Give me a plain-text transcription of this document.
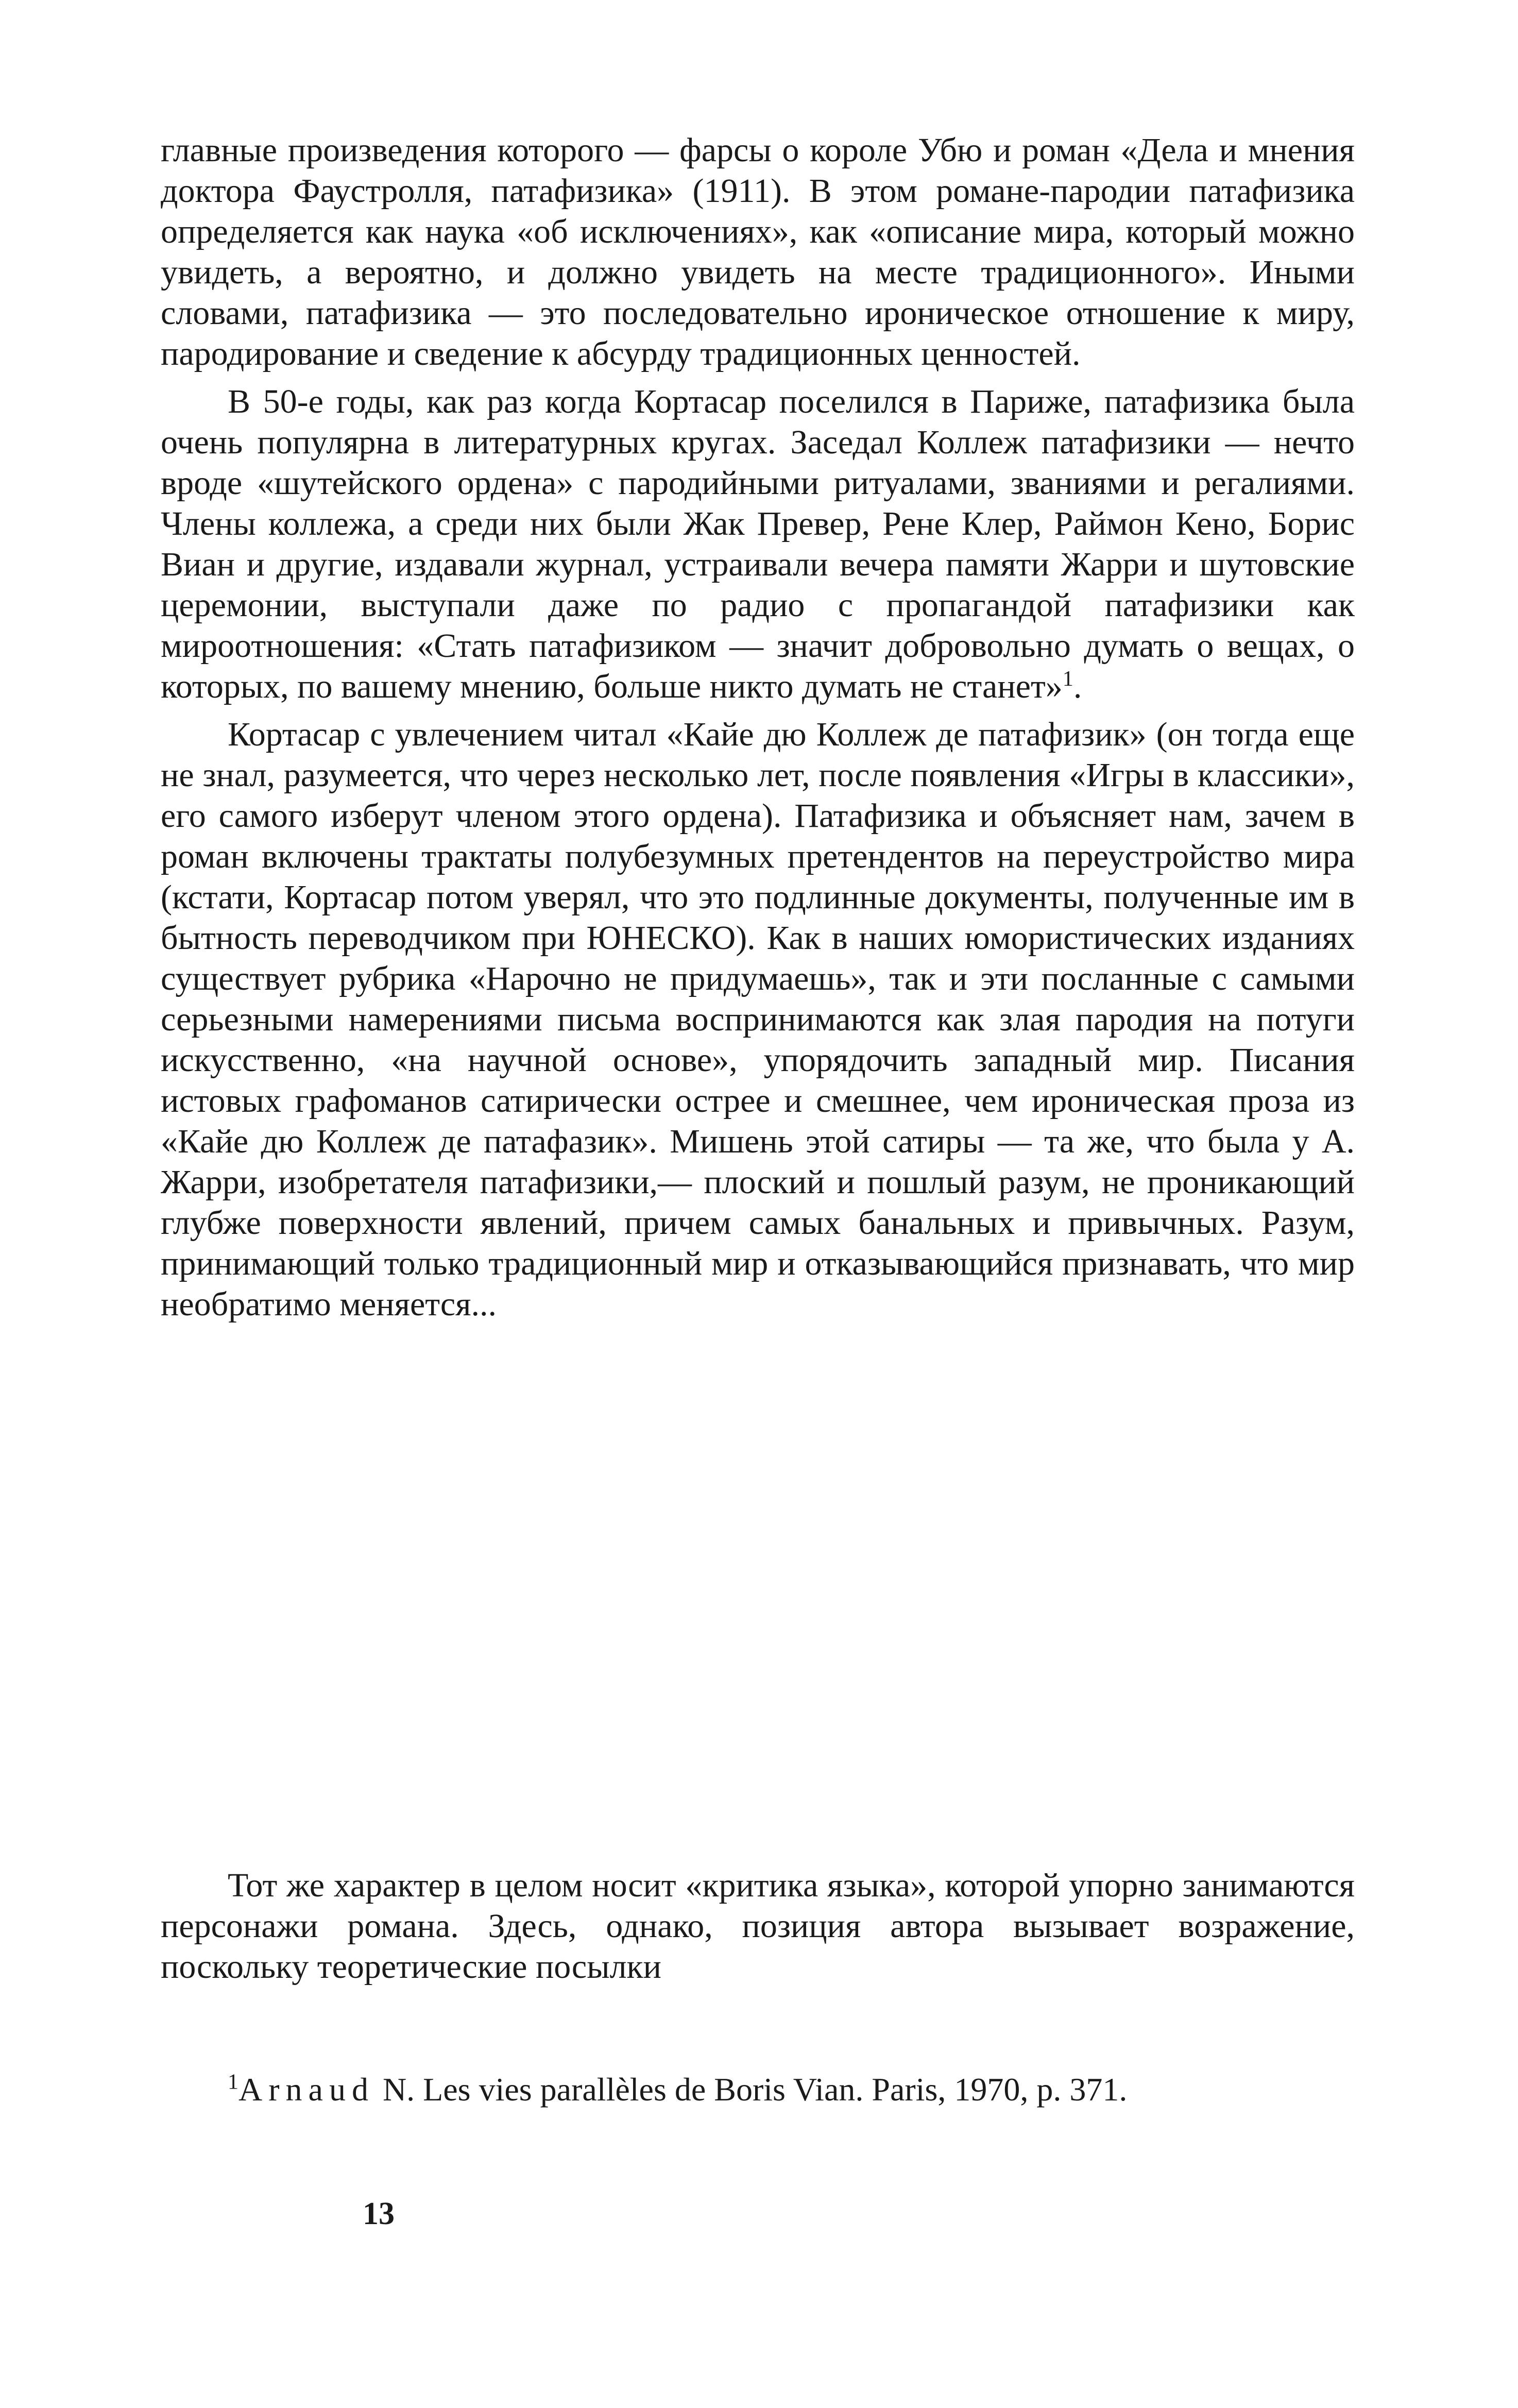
главные произведения которого — фарсы о короле Убю и роман «Дела и мнения доктора Фаустролля, патафизика» (1911). В этом романе-пародии патафизика определяется как наука «об исключениях», как «описание мира, который можно увидеть, а вероятно, и должно увидеть на месте традиционного». Иными словами, патафизика — это последовательно ироническое отношение к миру, пародирование и сведение к абсурду традиционных ценностей.

В 50-е годы, как раз когда Кортасар поселился в Париже, патафизика была очень популярна в литературных кругах. Заседал Коллеж патафизики — нечто вроде «шутейского ордена» с пародийными ритуалами, званиями и регалиями. Члены коллежа, а среди них были Жак Превер, Рене Клер, Раймон Кено, Борис Виан и другие, издавали журнал, устраивали вечера памяти Жарри и шутовские церемонии, выступали даже по радио с пропагандой патафизики как мироотношения: «Стать патафизиком — значит добровольно думать о вещах, о которых, по вашему мнению, больше никто думать не станет»$^1$.

Кортасар с увлечением читал «Кайе дю Коллеж де патафизик» (он тогда еще не знал, разумеется, что через несколько лет, после появления «Игры в классики», его самого изберут членом этого ордена). Патафизика и объясняет нам, зачем в роман включены трактаты полубезумных претендентов на переустройство мира (кстати, Кортасар потом уверял, что это подлинные документы, полученные им в бытность переводчиком при ЮНЕСКО). Как в наших юмористических изданиях существует рубрика «Нарочно не придумаешь», так и эти посланные с самыми серьезными намерениями письма воспринимаются как злая пародия на потуги искусственно, «на научной основе», упорядочить западный мир. Писания истовых графоманов сатирически острее и смешнее, чем ироническая проза из «Кайе дю Коллеж де патафазик». Мишень этой сатиры — та же, что была у А. Жарри, изобретателя патафизики,— плоский и пошлый разум, не проникающий глубже поверхности явлений, причем самых банальных и привычных. Разум, принимающий только традиционный мир и отказывающийся признавать, что мир необратимо меняется...

Тот же характер в целом носит «критика языка», которой упорно занимаются персонажи романа. Здесь, однако, позиция автора вызывает возражение, поскольку теоретические посылки

$^1$Arnaud N. Les vies parallèles de Boris Vian. Paris, 1970, p. 371.
13
